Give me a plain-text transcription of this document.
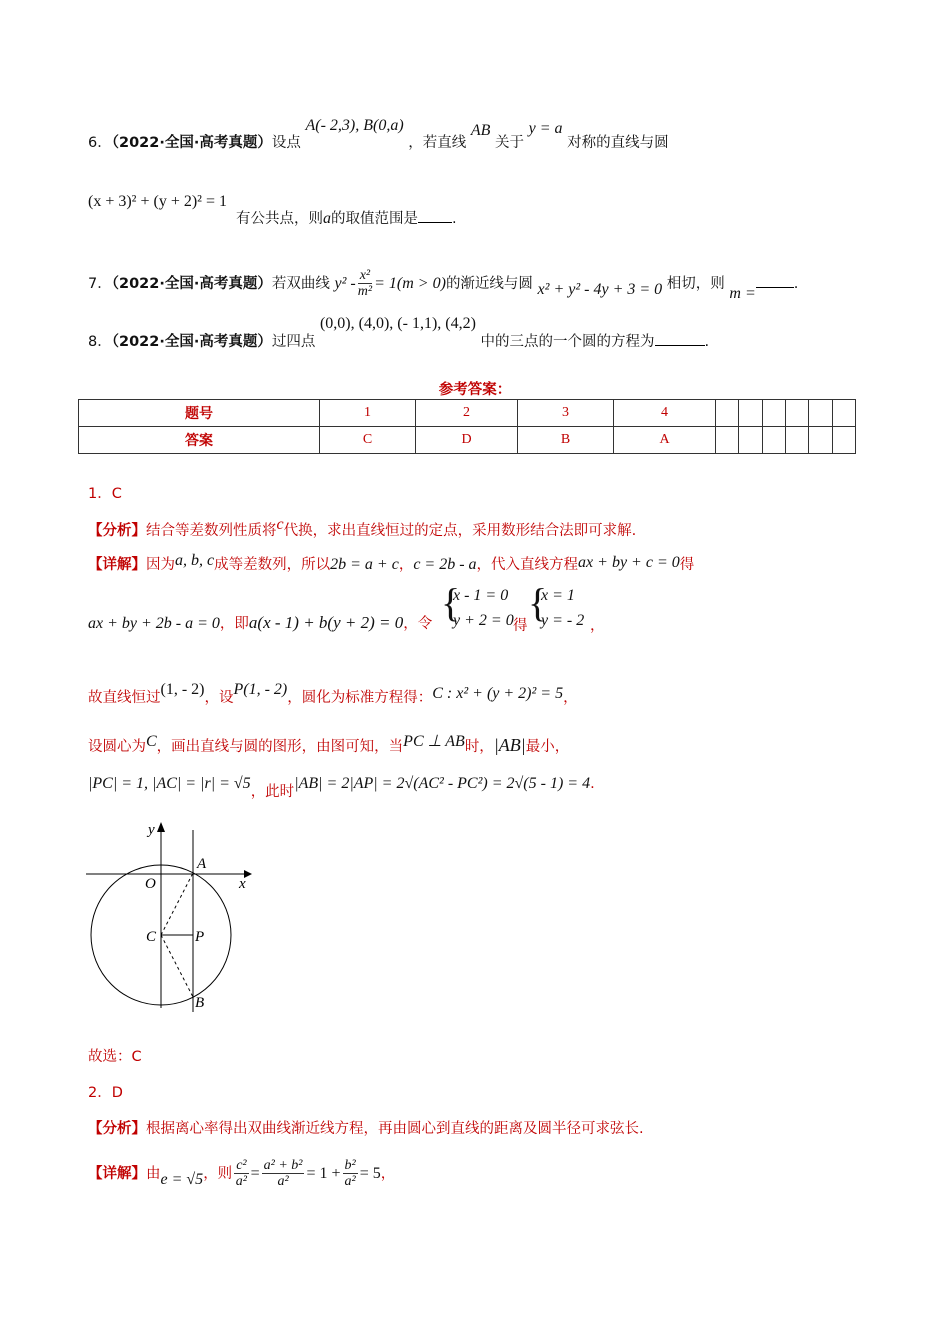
6．（2022·全国·高考真题）设点 A(- 2,3), B(0,a) ，若直线 AB 关于 y = a 对称的直线与圆
(x + 3)² + (y + 2)² = 1
有公共点，则a的取值范围是 .
7．（2022·全国·高考真题）若双曲线 $y^2 - \frac{\text{x²}}{\text{m²}} = 1(m > 0)$的渐近线与圆 x² + y² - 4y + 3 = 0 相切，则 m =.
8．（2022·全国·高考真题）过四点 (0,0), (4,0), (- 1,1), (4,2) 中的三点的一个圆的方程为	.
参考答案：
题号	1	2	3	4						
答案	C	D	B	A						
1．C
【分析】结合等差数列性质将c代换，求出直线恒过的定点，采用数形结合法即可求解.
【详解】因为a, b, c成等差数列，所以2b = a + c，c = 2b - a，代入直线方程ax + by + c = 0得
ax + by + 2b - a = 0，即a(x - 1) + b(y + 2) = 0，令 {
x - 1 = 0
y + 2 = 0 得
{
x = 1
y = - 2 ，
故直线恒过(1, - 2)，设P(1, - 2)，圆化为标准方程得：C : x² + (y + 2)² = 5，
设圆心为C，画出直线与圆的图形，由图可知，当PC ⊥ AB时，|AB|最小，
|PC| = 1, |AC| = |r| = √5，此时|AB| = 2|AP| = 2√(AC² - PC²) = 2√(5 - 1) = 4.
y
x
O
A
C	P
B
故选：C
2．D
【分析】根据离心率得出双曲线渐近线方程，再由圆心到直线的距离及圆半径可求弦长.
【详解】由e = √5，则 $\frac{\text{c²}}{\text{a²}} = \frac{\text{a² + b²}}{\text{a²}} = 1 + \frac{\text{b²}}{\text{a²}} = 5$，
